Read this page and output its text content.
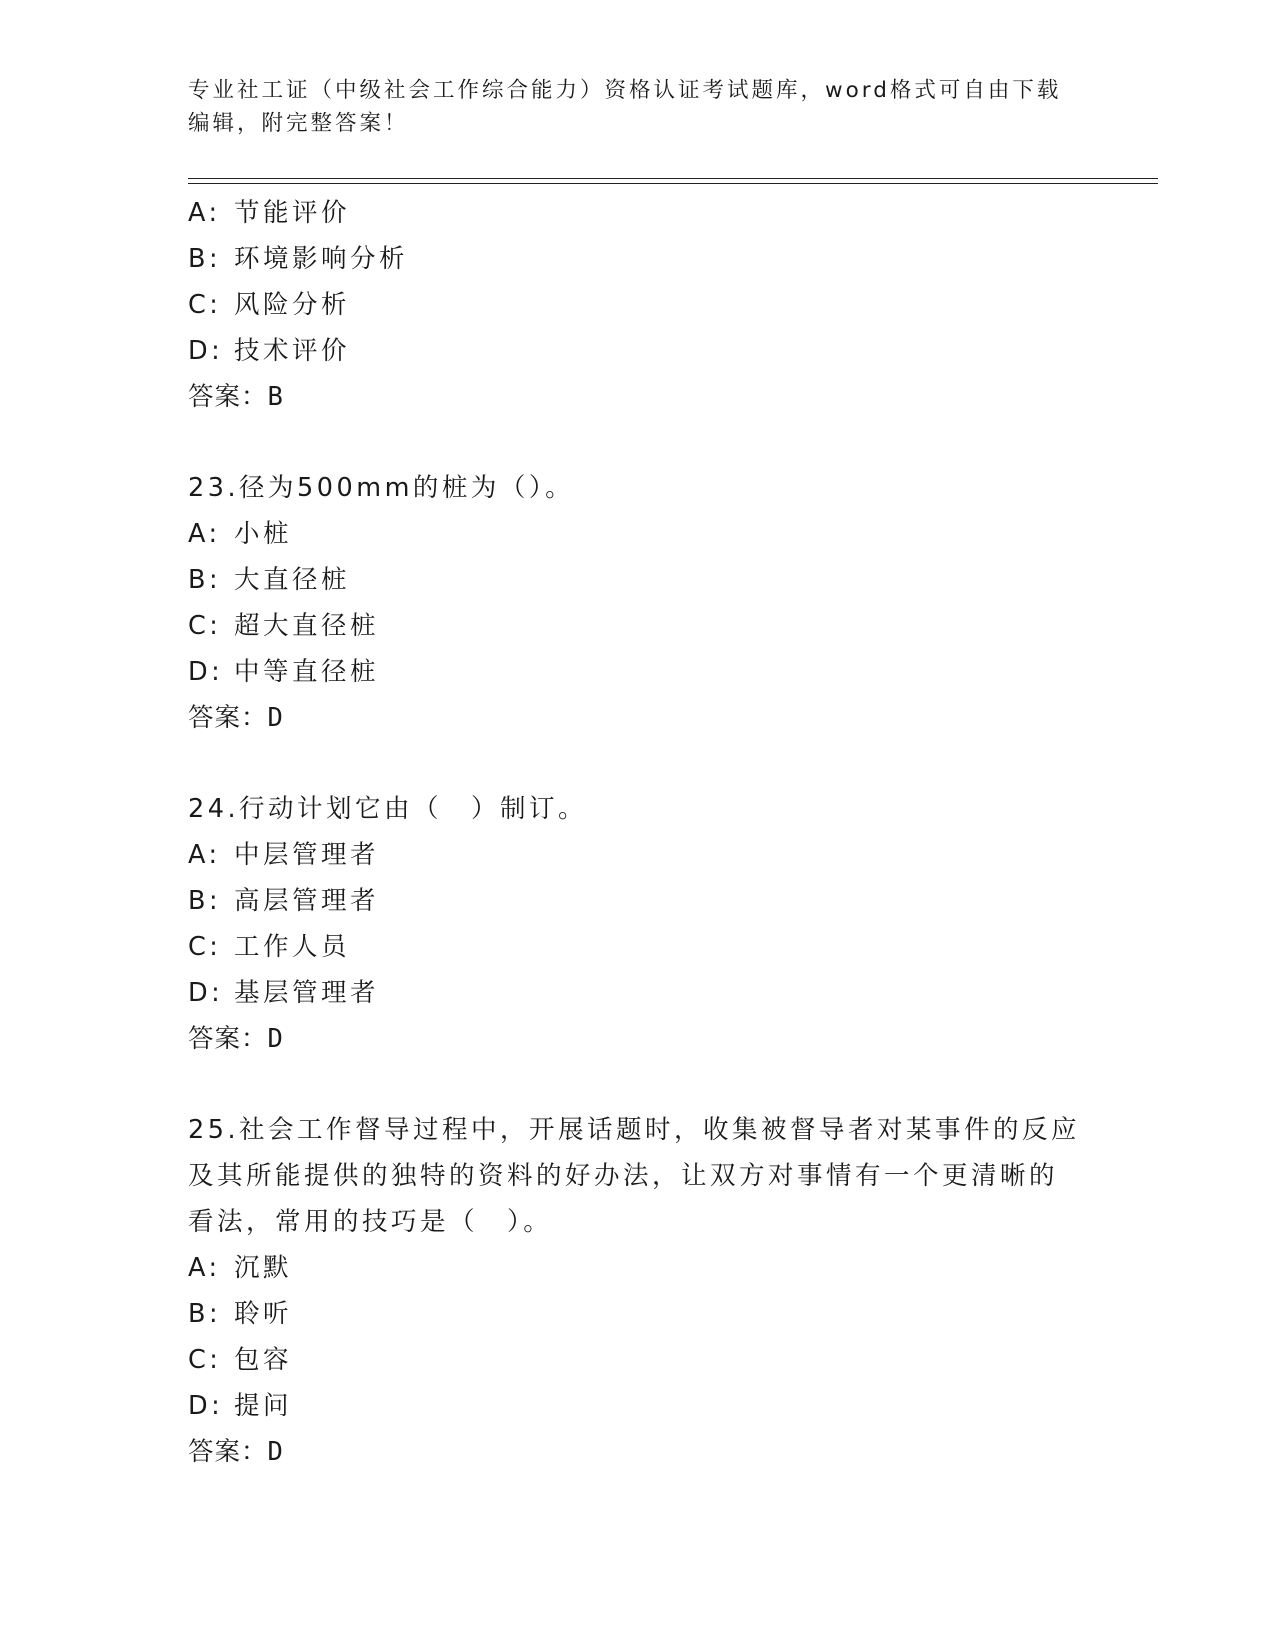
专业社工证（中级社会工作综合能力）资格认证考试题库，word格式可自由下载
编辑，附完整答案！
A: 节能评价
B: 环境影响分析
C: 风险分析
D: 技术评价
答案：B
23.径为500mm的桩为（）。
A: 小桩
B: 大直径桩
C: 超大直径桩
D: 中等直径桩
答案：D
24.行动计划它由（　）制订。
A: 中层管理者
B: 高层管理者
C: 工作人员
D: 基层管理者
答案：D
25.社会工作督导过程中，开展话题时，收集被督导者对某事件的反应
及其所能提供的独特的资料的好办法，让双方对事情有一个更清晰的
看法，常用的技巧是（　）。
A: 沉默
B: 聆听
C: 包容
D: 提问
答案：D
